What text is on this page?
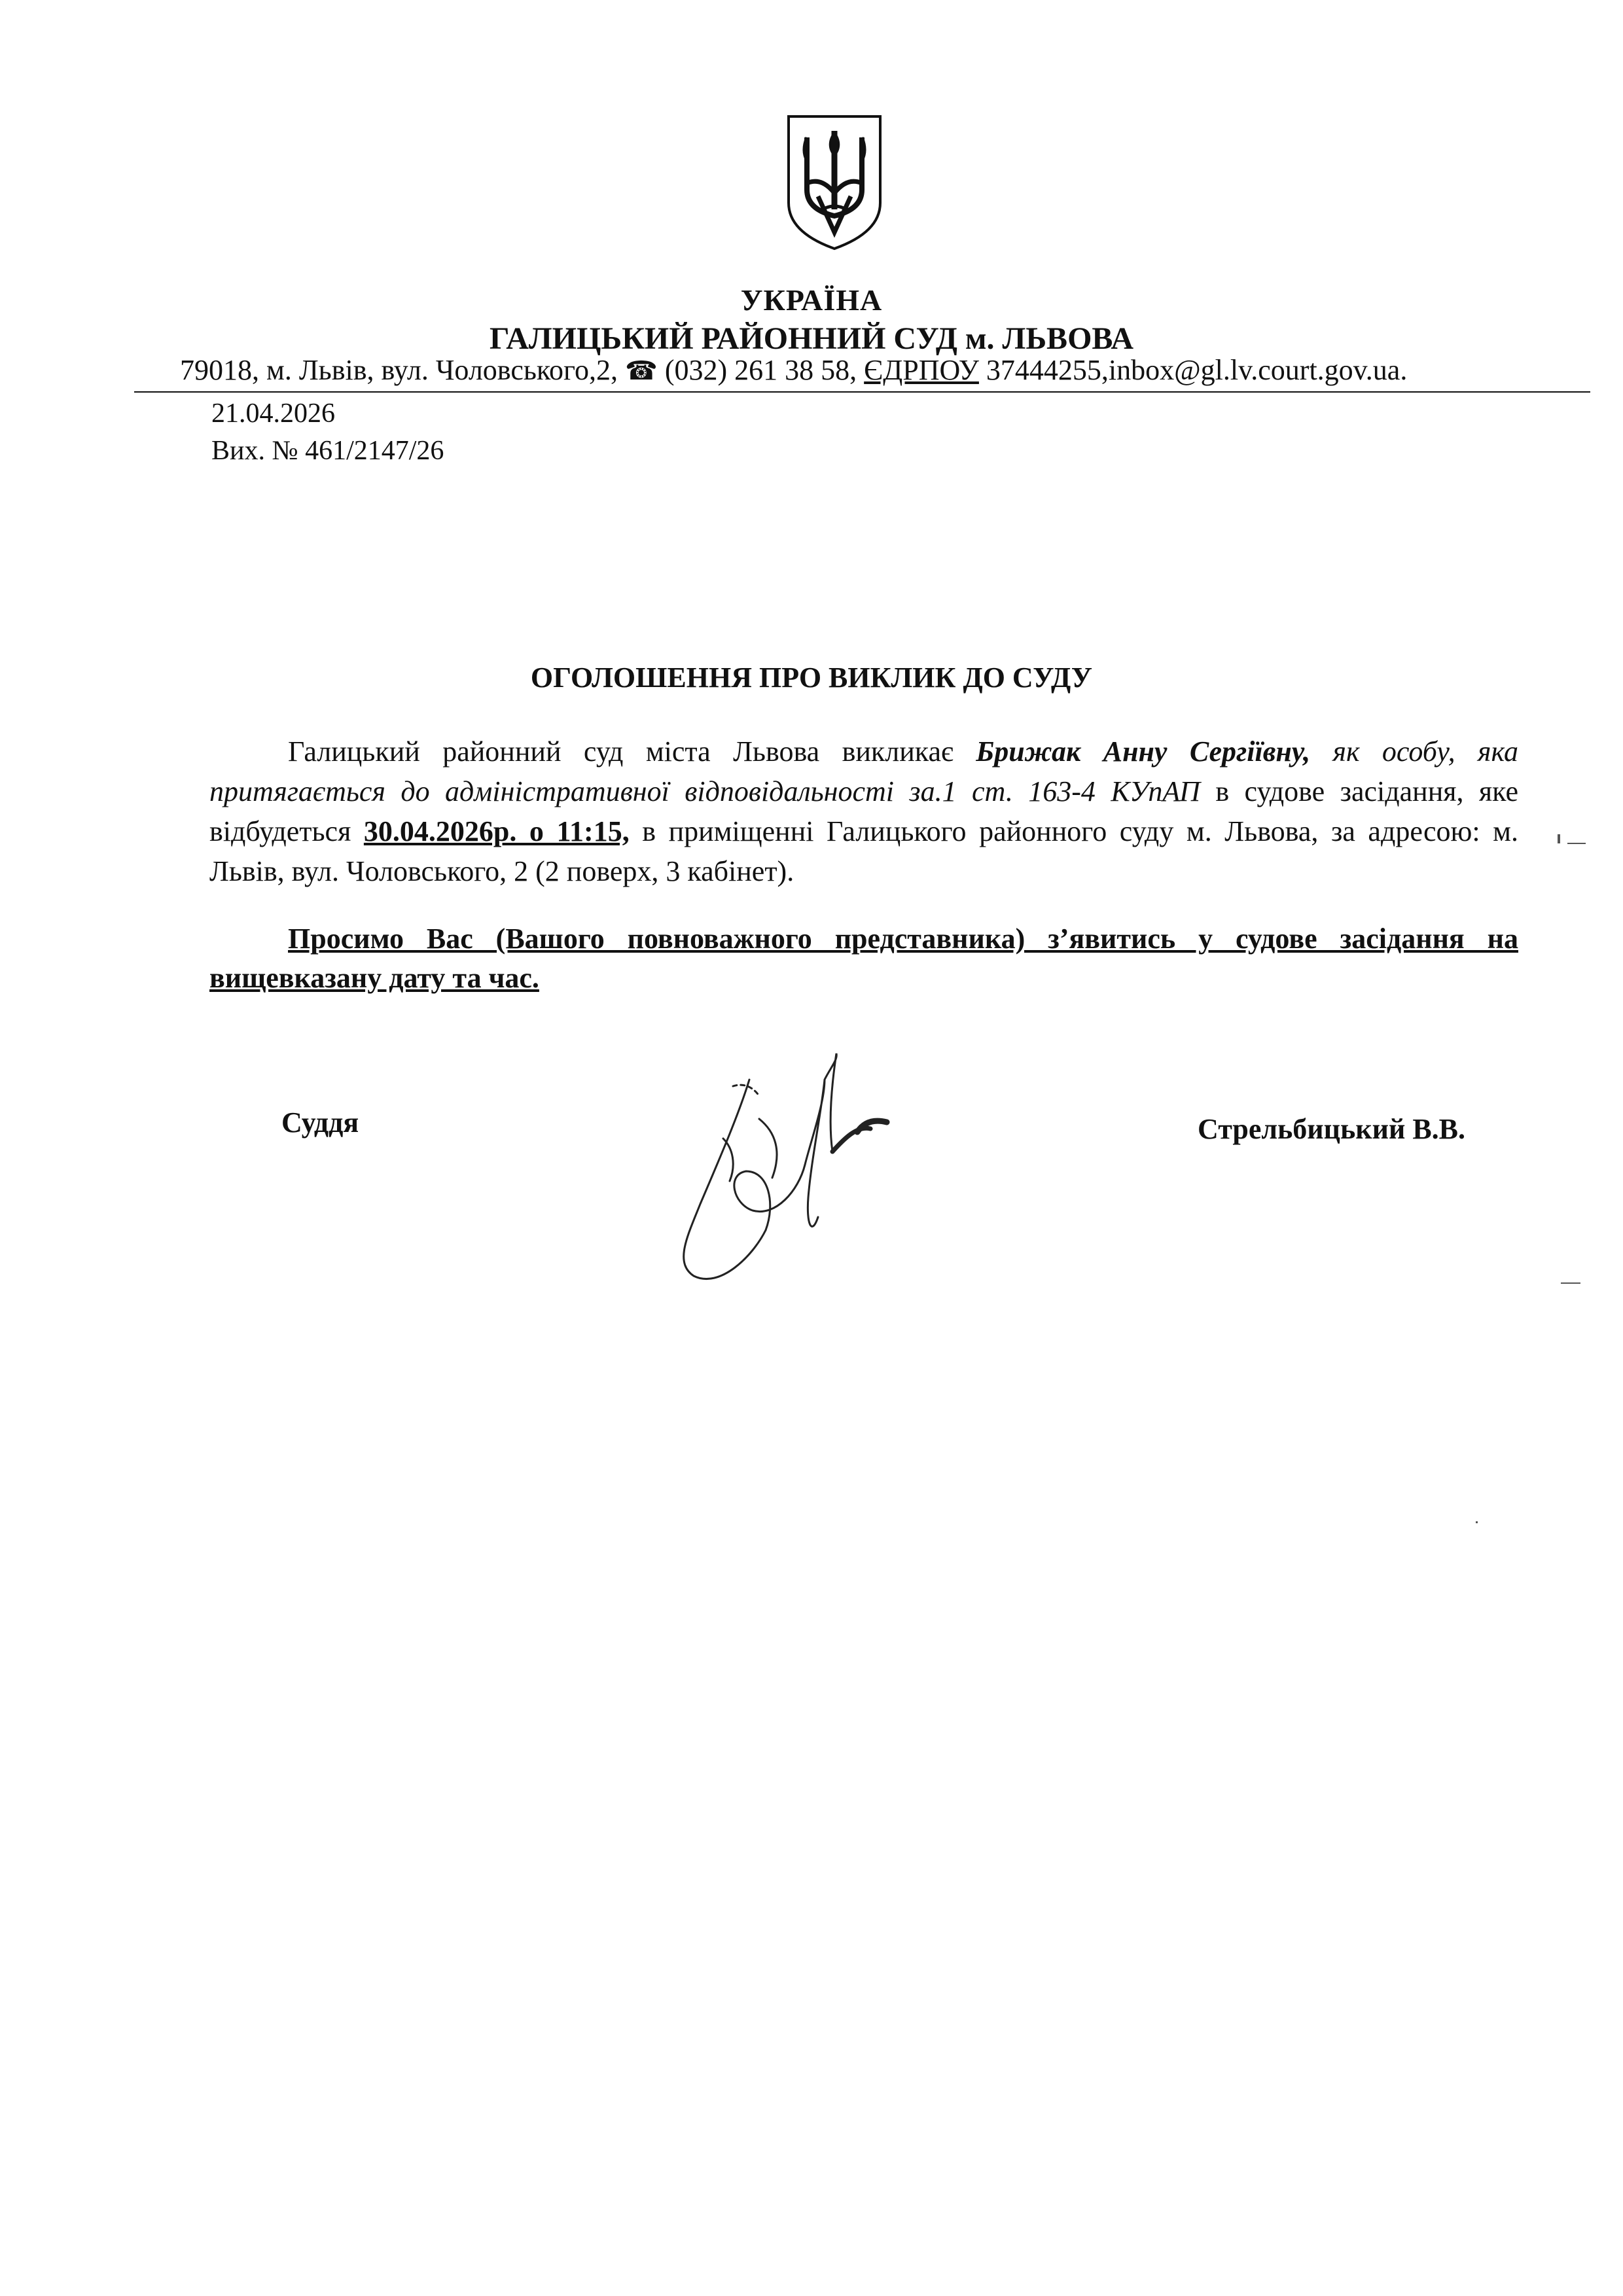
УКРАЇНА
ГАЛИЦЬКИЙ РАЙОННИЙ СУД м. ЛЬВОВА
79018, м. Львів, вул. Чоловського,2, ☎ (032) 261 38 58, ЄДРПОУ 37444255,inbox@gl.lv.court.gov.ua.
21.04.2026
Вих. № 461/2147/26
ОГОЛОШЕННЯ ПРО ВИКЛИК ДО СУДУ
Галицький районний суд міста Львова викликає Брижак Анну Сергіївну, як особу, яка притягається до адміністративної відповідальності за.1 ст. 163-4 КУпАП в судове засідання, яке відбудеться 30.04.2026р. о 11:15, в приміщенні Галицького районного суду м. Львова, за адресою: м. Львів, вул. Чоловського, 2 (2 поверх, 3 кабінет).
Просимо Вас (Вашого повноважного представника) з’явитись у судове засідання на вищевказану дату та час.
Суддя	Стрельбицький В.В.
